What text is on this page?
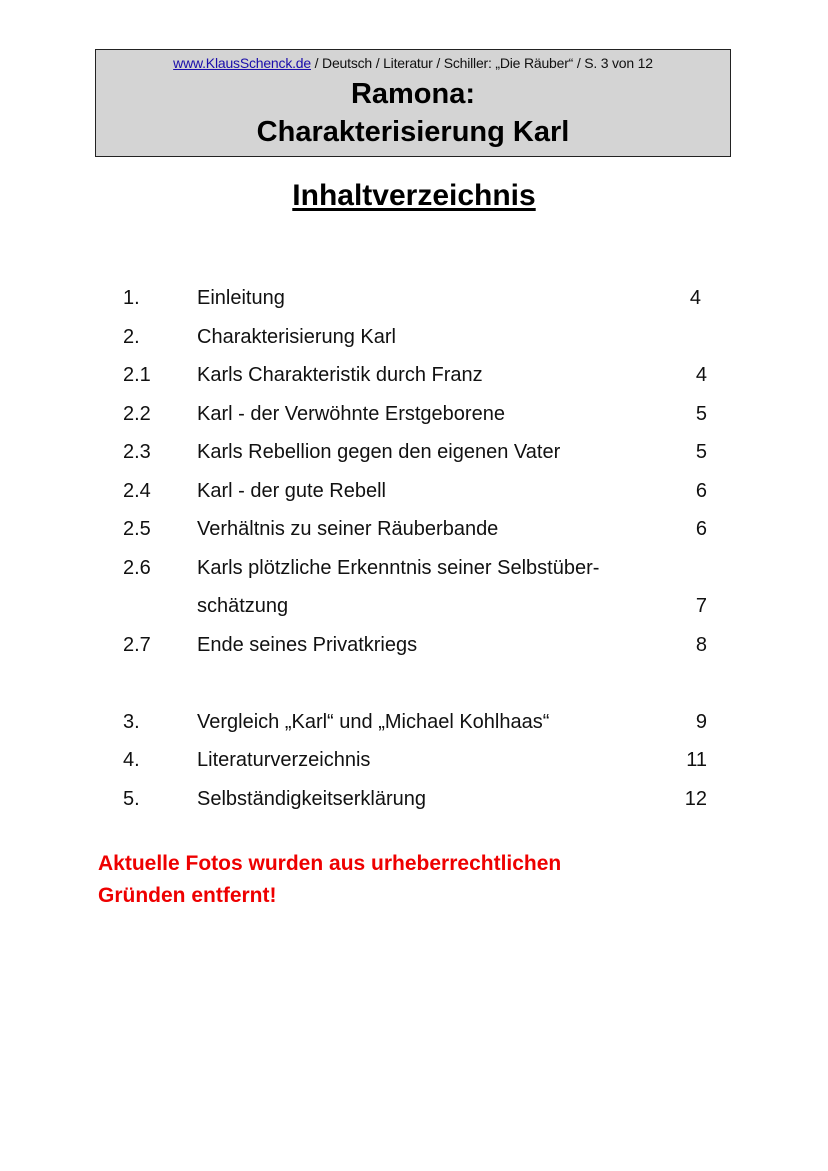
www.KlausSchenck.de / Deutsch / Literatur / Schiller: „Die Räuber“ / S. 3 von 12
Ramona:
Charakterisierung Karl
Inhaltverzeichnis
1.	Einleitung	4
2.	Charakterisierung Karl
2.1 Karls Charakteristik durch Franz	4
2.2 Karl - der Verwöhnte Erstgeborene	5
2.3 Karls Rebellion gegen den eigenen Vater	5
2.4 Karl - der gute Rebell	6
2.5 Verhältnis zu seiner Räuberbande	6
2.6 Karls plötzliche Erkenntnis seiner Selbstüber-
schätzung	7
2.7 Ende seines Privatkriegs	8
3.	Vergleich „Karl“ und „Michael Kohlhaas“	9
4.	Literaturverzeichnis	11
5.	Selbständigkeitserklärung	12
Aktuelle Fotos wurden aus urheberrechtlichen
Gründen entfernt!
